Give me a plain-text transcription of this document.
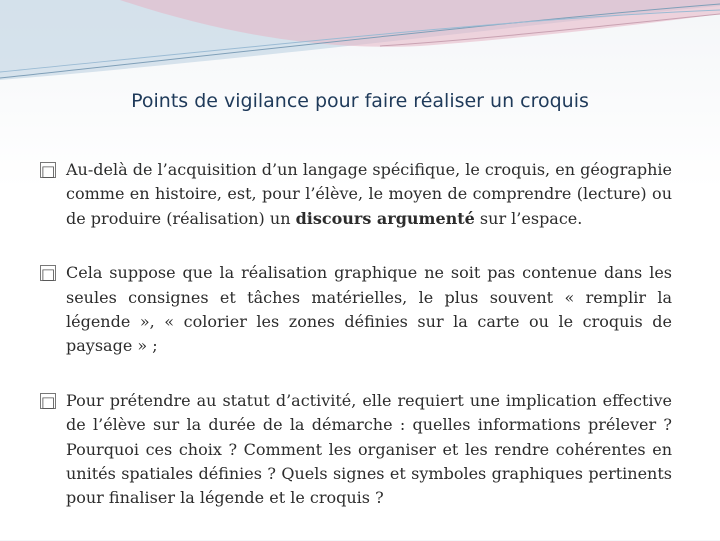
Points de vigilance pour faire réaliser un croquis
□ Au-delà de l’acquisition d’un langage spécifique, le croquis, en géographie comme en histoire, est, pour l’élève, le moyen de comprendre (lecture) ou de produire (réalisation) un discours argumenté sur l’espace.
□ Cela suppose que la réalisation graphique ne soit pas contenue dans les seules consignes et tâches matérielles, le plus souvent « remplir la légende », « colorier les zones définies sur la carte ou le croquis de paysage » ;
□ Pour prétendre au statut d’activité, elle requiert une implication effective de l’élève sur la durée de la démarche : quelles informations prélever ? Pourquoi ces choix ? Comment les organiser et les rendre cohérentes en unités spatiales définies ? Quels signes et symboles graphiques pertinents pour finaliser la légende et le croquis ?
